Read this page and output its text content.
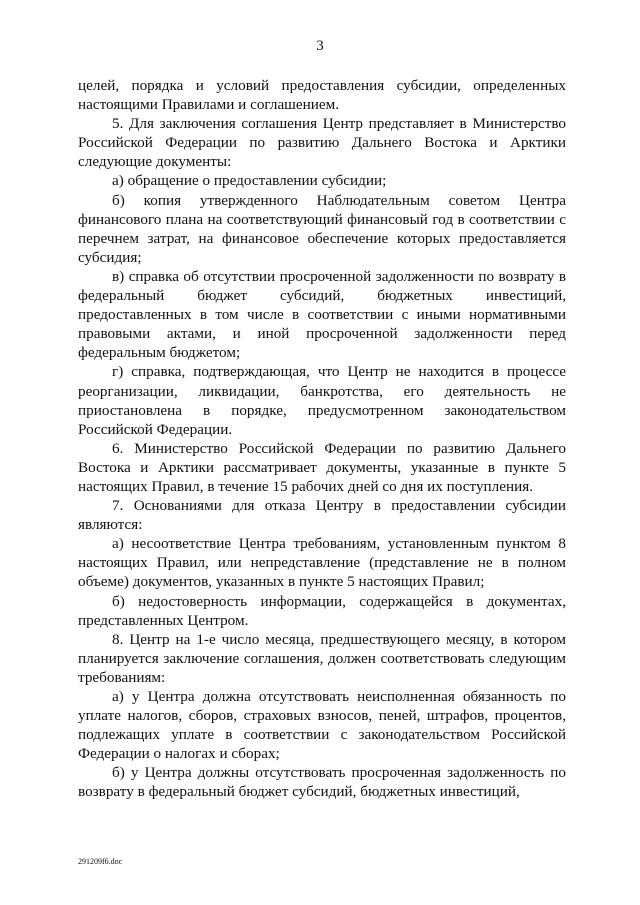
3

целей, порядка и условий предоставления субсидии, определенных настоящими Правилами и соглашением.

5. Для заключения соглашения Центр представляет в Министерство Российской Федерации по развитию Дальнего Востока и Арктики следующие документы:

а) обращение о предоставлении субсидии;

б) копия утвержденного Наблюдательным советом Центра финансового плана на соответствующий финансовый год в соответствии с перечнем затрат, на финансовое обеспечение которых предоставляется субсидия;

в) справка об отсутствии просроченной задолженности по возврату в федеральный бюджет субсидий, бюджетных инвестиций, предоставленных в том числе в соответствии с иными нормативными правовыми актами, и иной просроченной задолженности перед федеральным бюджетом;

г) справка, подтверждающая, что Центр не находится в процессе реорганизации, ликвидации, банкротства, его деятельность не приостановлена в порядке, предусмотренном законодательством Российской Федерации.

6. Министерство Российской Федерации по развитию Дальнего Востока и Арктики рассматривает документы, указанные в пункте 5 настоящих Правил, в течение 15 рабочих дней со дня их поступления.

7. Основаниями для отказа Центру в предоставлении субсидии являются:

а) несоответствие Центра требованиям, установленным пунктом 8 настоящих Правил, или непредставление (представление не в полном объеме) документов, указанных в пункте 5 настоящих Правил;

б) недостоверность информации, содержащейся в документах, представленных Центром.

8. Центр на 1-е число месяца, предшествующего месяцу, в котором планируется заключение соглашения, должен соответствовать следующим требованиям:

а) у Центра должна отсутствовать неисполненная обязанность по уплате налогов, сборов, страховых взносов, пеней, штрафов, процентов, подлежащих уплате в соответствии с законодательством Российской Федерации о налогах и сборах;

б) у Центра должны отсутствовать просроченная задолженность по возврату в федеральный бюджет субсидий, бюджетных инвестиций,

291209f6.doc
